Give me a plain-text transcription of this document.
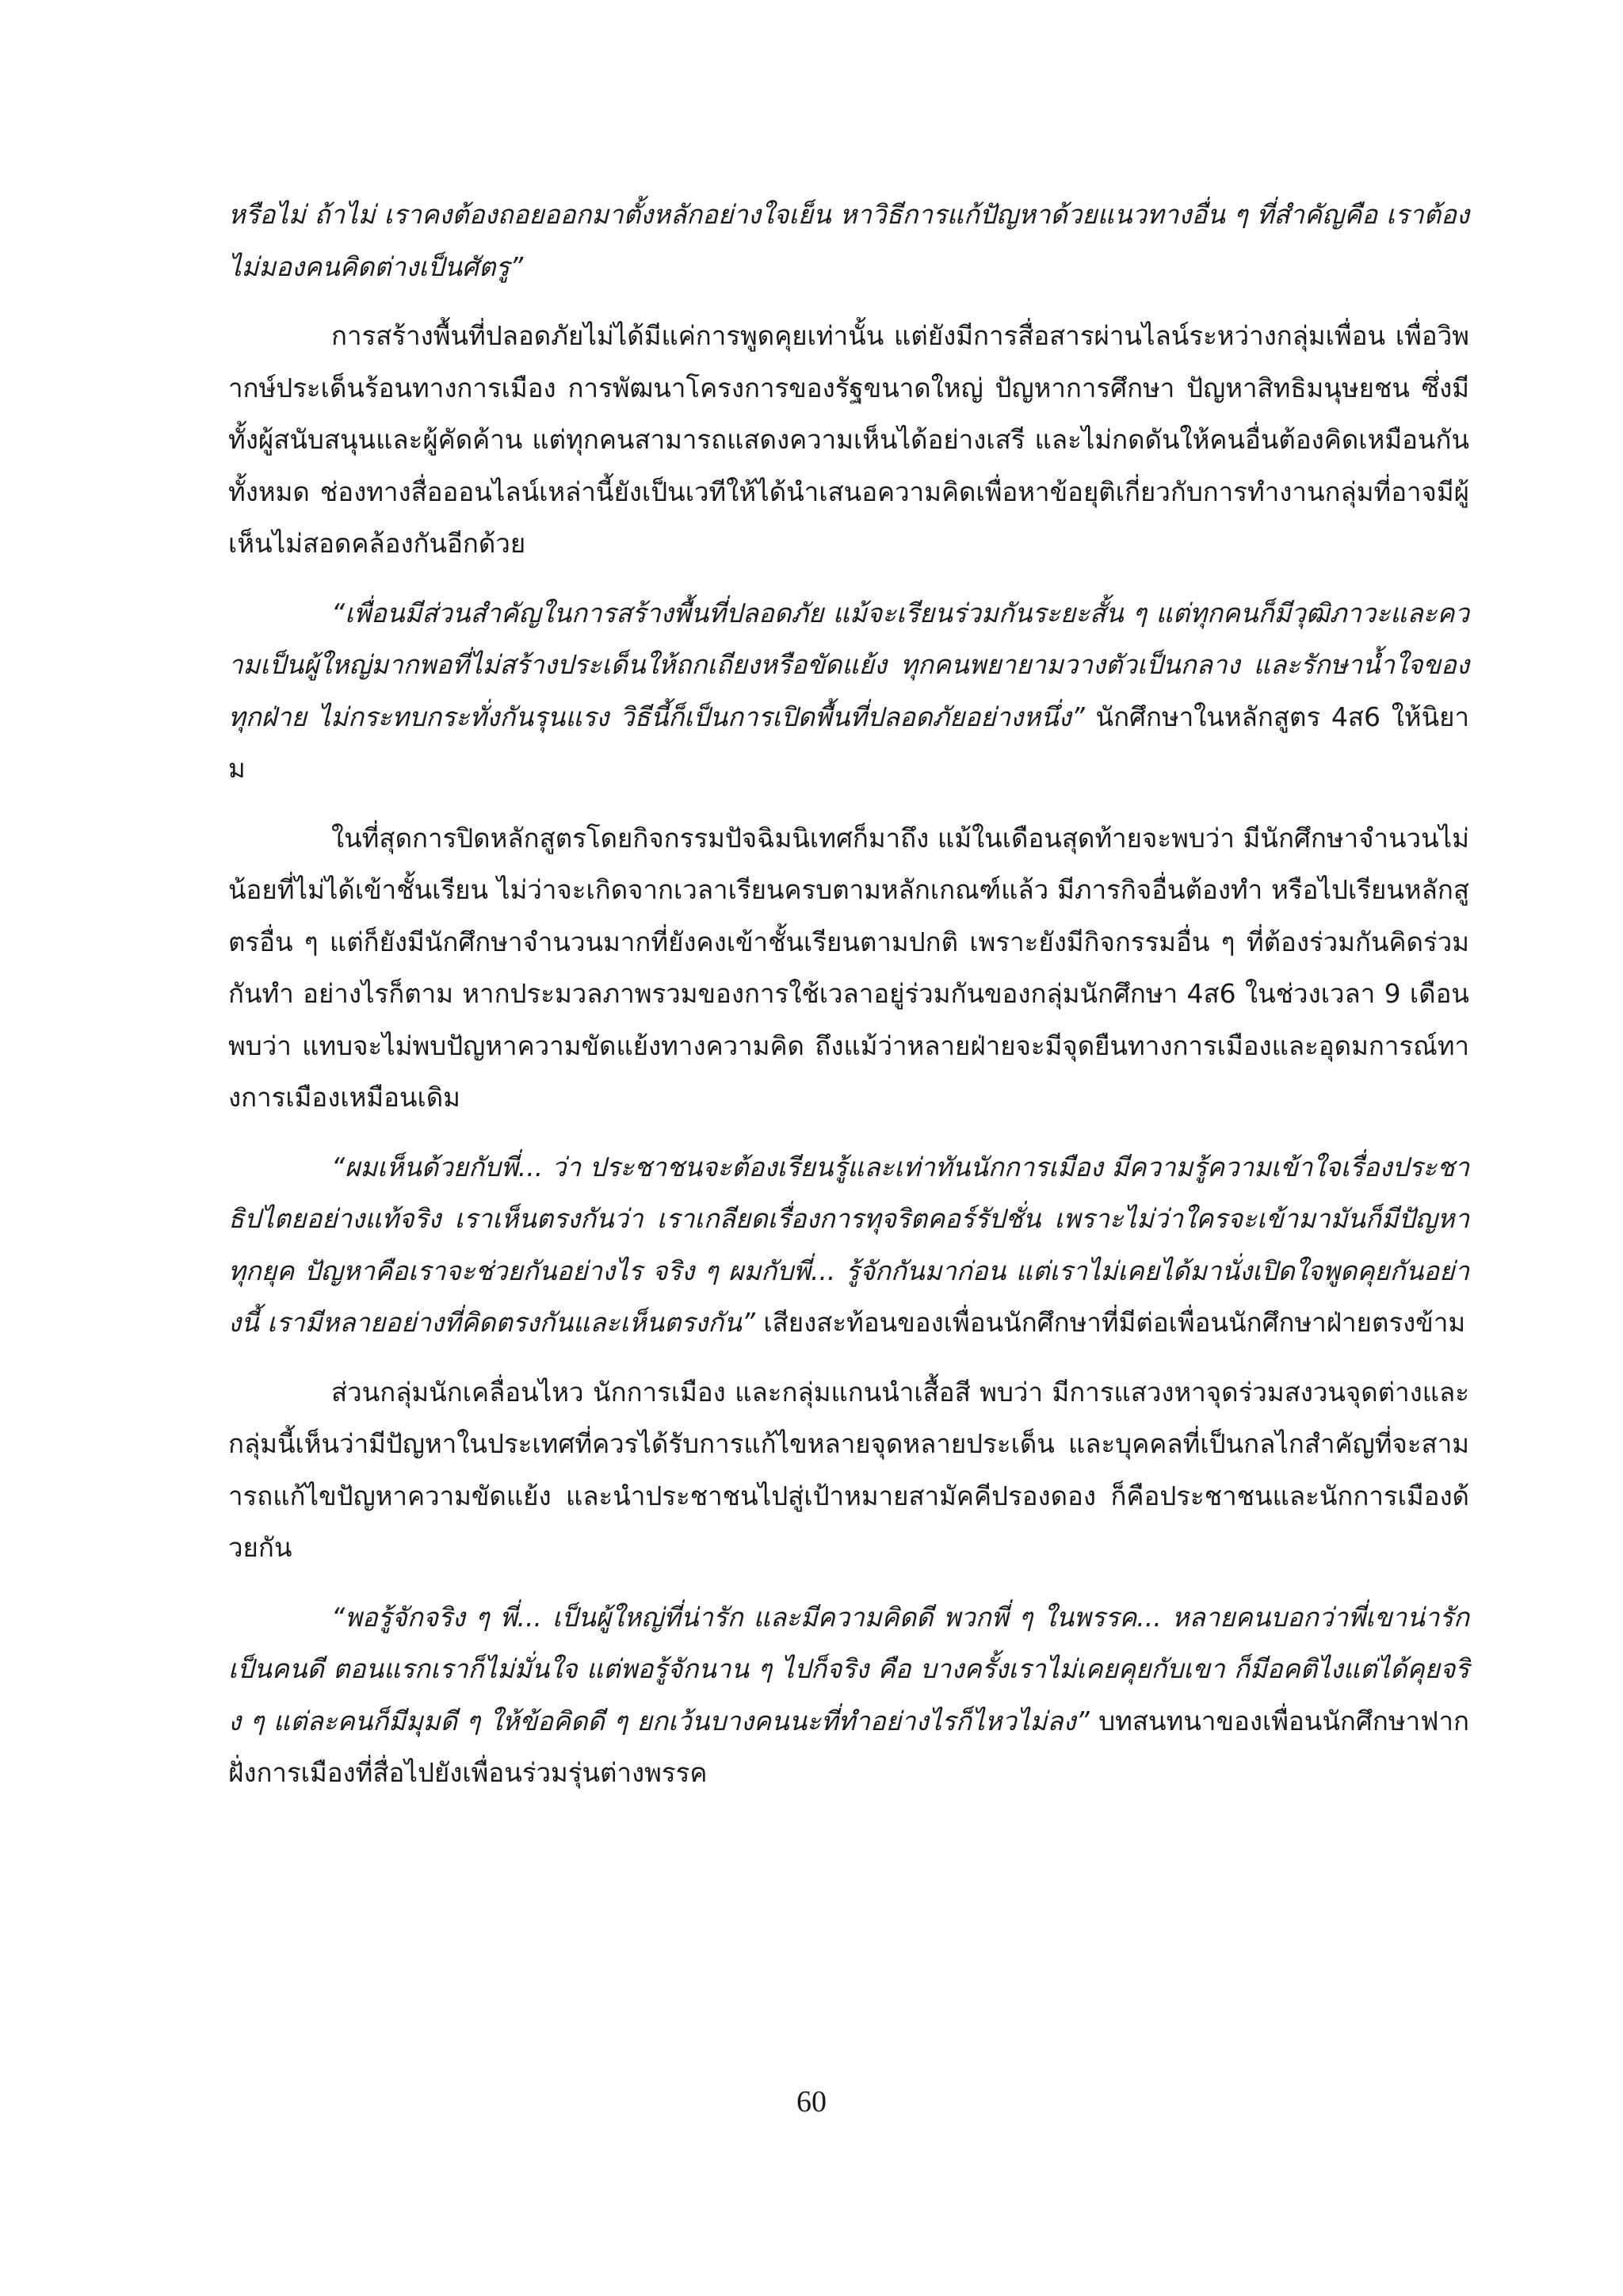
หรือไม่ ถ้าไม่ เราคงต้องถอยออกมาตั้งหลักอย่างใจเย็น หาวิธีการแก้ปัญหาด้วยแนวทางอื่น ๆ ที่สำคัญคือ เราต้องไม่มองคนคิดต่างเป็นศัตรู”

การสร้างพื้นที่ปลอดภัยไม่ได้มีแค่การพูดคุยเท่านั้น แต่ยังมีการสื่อสารผ่านไลน์ระหว่างกลุ่มเพื่อน เพื่อวิพากษ์ประเด็นร้อนทางการเมือง การพัฒนาโครงการของรัฐขนาดใหญ่ ปัญหาการศึกษา ปัญหาสิทธิมนุษยชน ซึ่งมีทั้งผู้สนับสนุนและผู้คัดค้าน แต่ทุกคนสามารถแสดงความเห็นได้อย่างเสรี และไม่กดดันให้คนอื่นต้องคิดเหมือนกันทั้งหมด ช่องทางสื่อออนไลน์เหล่านี้ยังเป็นเวทีให้ได้นำเสนอความคิดเพื่อหาข้อยุติเกี่ยวกับการทำงานกลุ่มที่อาจมีผู้เห็นไม่สอดคล้องกันอีกด้วย

“เพื่อนมีส่วนสำคัญในการสร้างพื้นที่ปลอดภัย แม้จะเรียนร่วมกันระยะสั้น ๆ แต่ทุกคนก็มีวุฒิภาวะและความเป็นผู้ใหญ่มากพอที่ไม่สร้างประเด็นให้ถกเถียงหรือขัดแย้ง ทุกคนพยายามวางตัวเป็นกลาง และรักษาน้ำใจของทุกฝ่าย ไม่กระทบกระทั่งกันรุนแรง วิธีนี้ก็เป็นการเปิดพื้นที่ปลอดภัยอย่างหนึ่ง” นักศึกษาในหลักสูตร 4ส6 ให้นิยาม

ในที่สุดการปิดหลักสูตรโดยกิจกรรมปัจฉิมนิเทศก็มาถึง แม้ในเดือนสุดท้ายจะพบว่า มีนักศึกษาจำนวนไม่น้อยที่ไม่ได้เข้าชั้นเรียน ไม่ว่าจะเกิดจากเวลาเรียนครบตามหลักเกณฑ์แล้ว มีภารกิจอื่นต้องทำ หรือไปเรียนหลักสูตรอื่น ๆ แต่ก็ยังมีนักศึกษาจำนวนมากที่ยังคงเข้าชั้นเรียนตามปกติ เพราะยังมีกิจกรรมอื่น ๆ ที่ต้องร่วมกันคิดร่วมกันทำ อย่างไรก็ตาม หากประมวลภาพรวมของการใช้เวลาอยู่ร่วมกันของกลุ่มนักศึกษา 4ส6 ในช่วงเวลา 9 เดือน พบว่า แทบจะไม่พบปัญหาความขัดแย้งทางความคิด ถึงแม้ว่าหลายฝ่ายจะมีจุดยืนทางการเมืองและอุดมการณ์ทางการเมืองเหมือนเดิม

“ผมเห็นด้วยกับพี่... ว่า ประชาชนจะต้องเรียนรู้และเท่าทันนักการเมือง มีความรู้ความเข้าใจเรื่องประชาธิปไตยอย่างแท้จริง เราเห็นตรงกันว่า เราเกลียดเรื่องการทุจริตคอร์รัปชั่น เพราะไม่ว่าใครจะเข้ามามันก็มีปัญหาทุกยุค ปัญหาคือเราจะช่วยกันอย่างไร จริง ๆ ผมกับพี่... รู้จักกันมาก่อน แต่เราไม่เคยได้มานั่งเปิดใจพูดคุยกันอย่างนี้ เรามีหลายอย่างที่คิดตรงกันและเห็นตรงกัน” เสียงสะท้อนของเพื่อนนักศึกษาที่มีต่อเพื่อนนักศึกษาฝ่ายตรงข้าม

ส่วนกลุ่มนักเคลื่อนไหว นักการเมือง และกลุ่มแกนนำเสื้อสี พบว่า มีการแสวงหาจุดร่วมสงวนจุดต่างและกลุ่มนี้เห็นว่ามีปัญหาในประเทศที่ควรได้รับการแก้ไขหลายจุดหลายประเด็น และบุคคลที่เป็นกลไกสำคัญที่จะสามารถแก้ไขปัญหาความขัดแย้ง และนำประชาชนไปสู่เป้าหมายสามัคคีปรองดอง ก็คือประชาชนและนักการเมืองด้วยกัน

“พอรู้จักจริง ๆ พี่... เป็นผู้ใหญ่ที่น่ารัก และมีความคิดดี พวกพี่ ๆ ในพรรค... หลายคนบอกว่าพี่เขาน่ารัก เป็นคนดี ตอนแรกเราก็ไม่มั่นใจ แต่พอรู้จักนาน ๆ ไปก็จริง คือ บางครั้งเราไม่เคยคุยกับเขา ก็มีอคติไงแต่ได้คุยจริง ๆ แต่ละคนก็มีมุมดี ๆ ให้ข้อคิดดี ๆ ยกเว้นบางคนนะที่ทำอย่างไรก็ไหวไม่ลง” บทสนทนาของเพื่อนนักศึกษาฟากฝั่งการเมืองที่สื่อไปยังเพื่อนร่วมรุ่นต่างพรรค

60
